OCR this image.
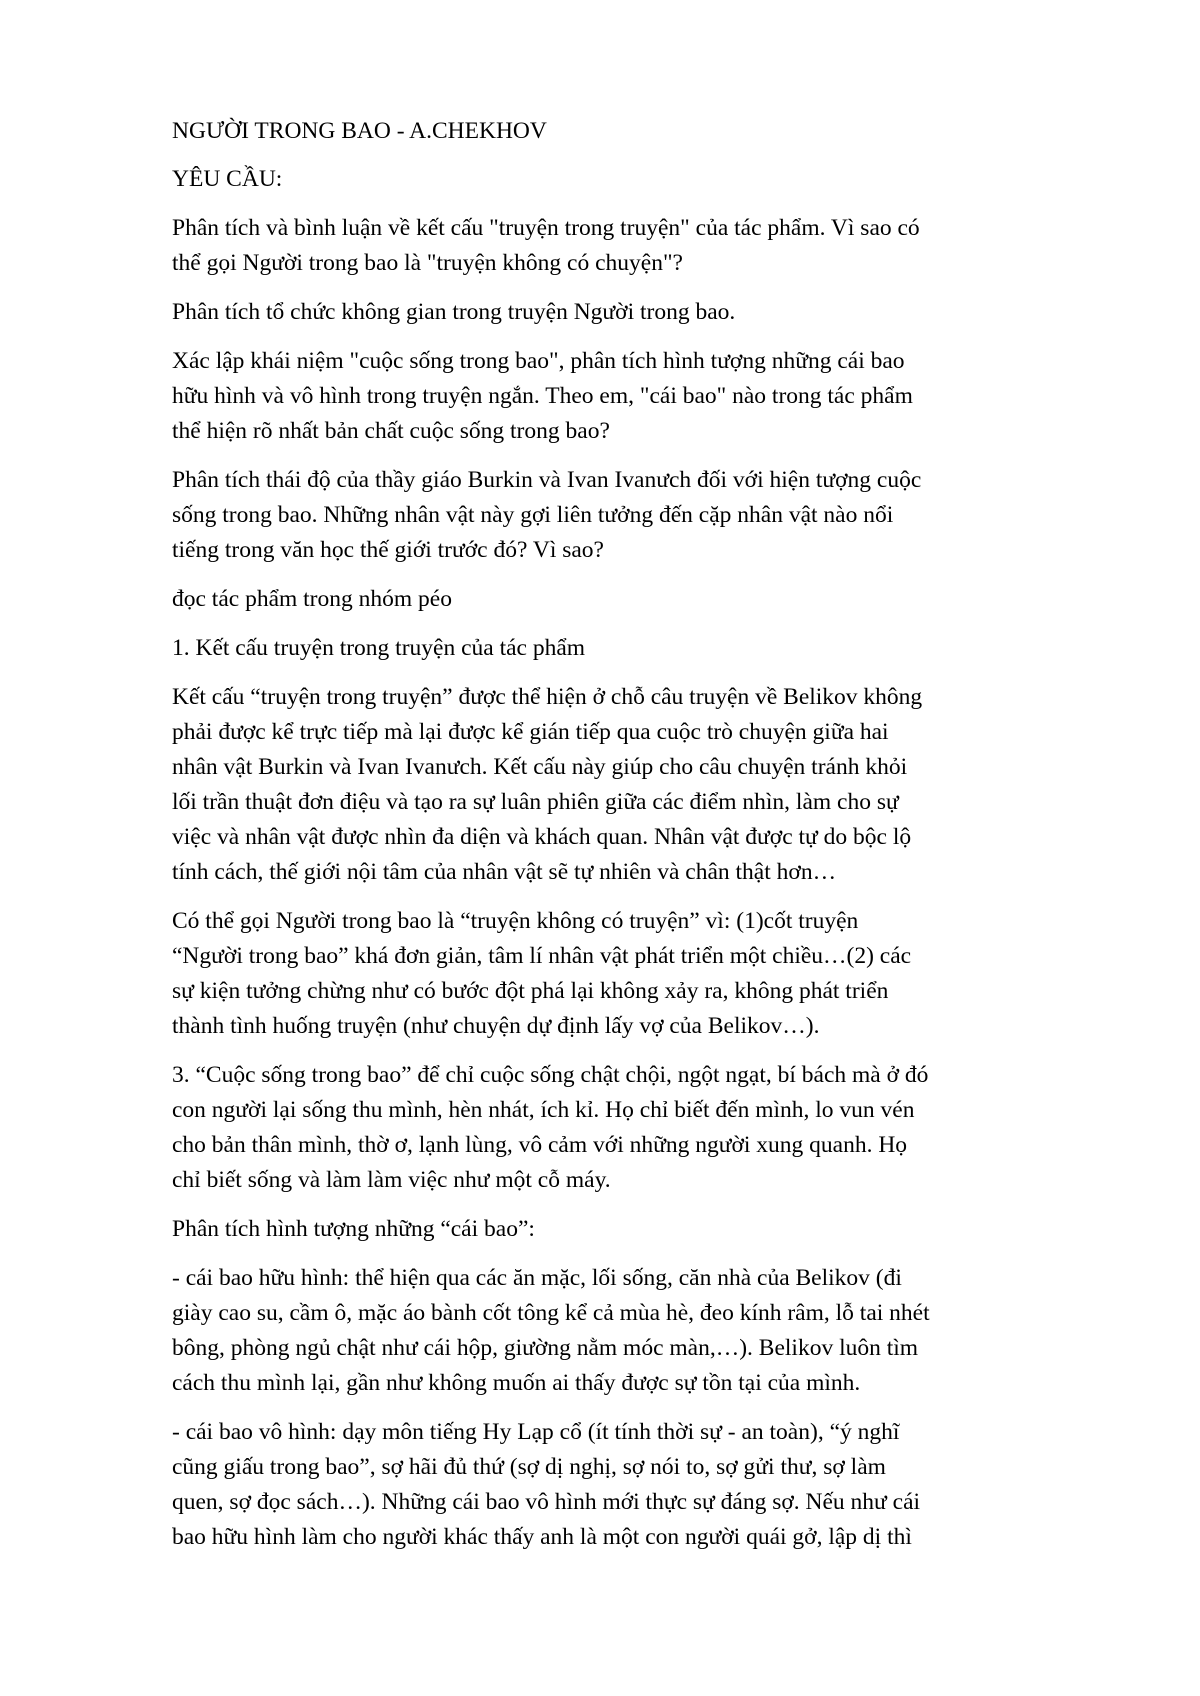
NGƯỜI TRONG BAO - A.CHEKHOV

YÊU CẦU:

Phân tích và bình luận về kết cấu "truyện trong truyện" của tác phẩm. Vì sao có
thể gọi Người trong bao là "truyện không có chuyện"?

Phân tích tổ chức không gian trong truyện Người trong bao.

Xác lập khái niệm "cuộc sống trong bao", phân tích hình tượng những cái bao
hữu hình và vô hình trong truyện ngắn. Theo em, "cái bao" nào trong tác phẩm
thể hiện rõ nhất bản chất cuộc sống trong bao?

Phân tích thái độ của thầy giáo Burkin và Ivan Ivanưch đối với hiện tượng cuộc
sống trong bao. Những nhân vật này gợi liên tưởng đến cặp nhân vật nào nổi
tiếng trong văn học thế giới trước đó? Vì sao?

đọc tác phẩm trong nhóm péo

1. Kết cấu truyện trong truyện của tác phẩm

Kết cấu “truyện trong truyện” được thể hiện ở chỗ câu truyện về Belikov không
phải được kể trực tiếp mà lại được kể gián tiếp qua cuộc trò chuyện giữa hai
nhân vật Burkin và Ivan Ivanưch. Kết cấu này giúp cho câu chuyện tránh khỏi
lối trần thuật đơn điệu và tạo ra sự luân phiên giữa các điểm nhìn, làm cho sự
việc và nhân vật được nhìn đa diện và khách quan. Nhân vật được tự do bộc lộ
tính cách, thế giới nội tâm của nhân vật sẽ tự nhiên và chân thật hơn…

Có thể gọi Người trong bao là “truyện không có truyện” vì: (1)cốt truyện
“Người trong bao” khá đơn giản, tâm lí nhân vật phát triển một chiều…(2) các
sự kiện tưởng chừng như có bước đột phá lại không xảy ra, không phát triển
thành tình huống truyện (như chuyện dự định lấy vợ của Belikov…).

3. “Cuộc sống trong bao” để chỉ cuộc sống chật chội, ngột ngạt, bí bách mà ở đó
con người lại sống thu mình, hèn nhát, ích kỉ. Họ chỉ biết đến mình, lo vun vén
cho bản thân mình, thờ ơ, lạnh lùng, vô cảm với những người xung quanh. Họ
chỉ biết sống và làm làm việc như một cỗ máy.

Phân tích hình tượng những “cái bao”:

- cái bao hữu hình: thể hiện qua các ăn mặc, lối sống, căn nhà của Belikov (đi
giày cao su, cầm ô, mặc áo bành cốt tông kể cả mùa hè, đeo kính râm, lỗ tai nhét
bông, phòng ngủ chật như cái hộp, giường nằm móc màn,…). Belikov luôn tìm
cách thu mình lại, gần như không muốn ai thấy được sự tồn tại của mình.

- cái bao vô hình: dạy môn tiếng Hy Lạp cổ (ít tính thời sự - an toàn), “ý nghĩ
cũng giấu trong bao”, sợ hãi đủ thứ (sợ dị nghị, sợ nói to, sợ gửi thư, sợ làm
quen, sợ đọc sách…). Những cái bao vô hình mới thực sự đáng sợ. Nếu như cái
bao hữu hình làm cho người khác thấy anh là một con người quái gở, lập dị thì
